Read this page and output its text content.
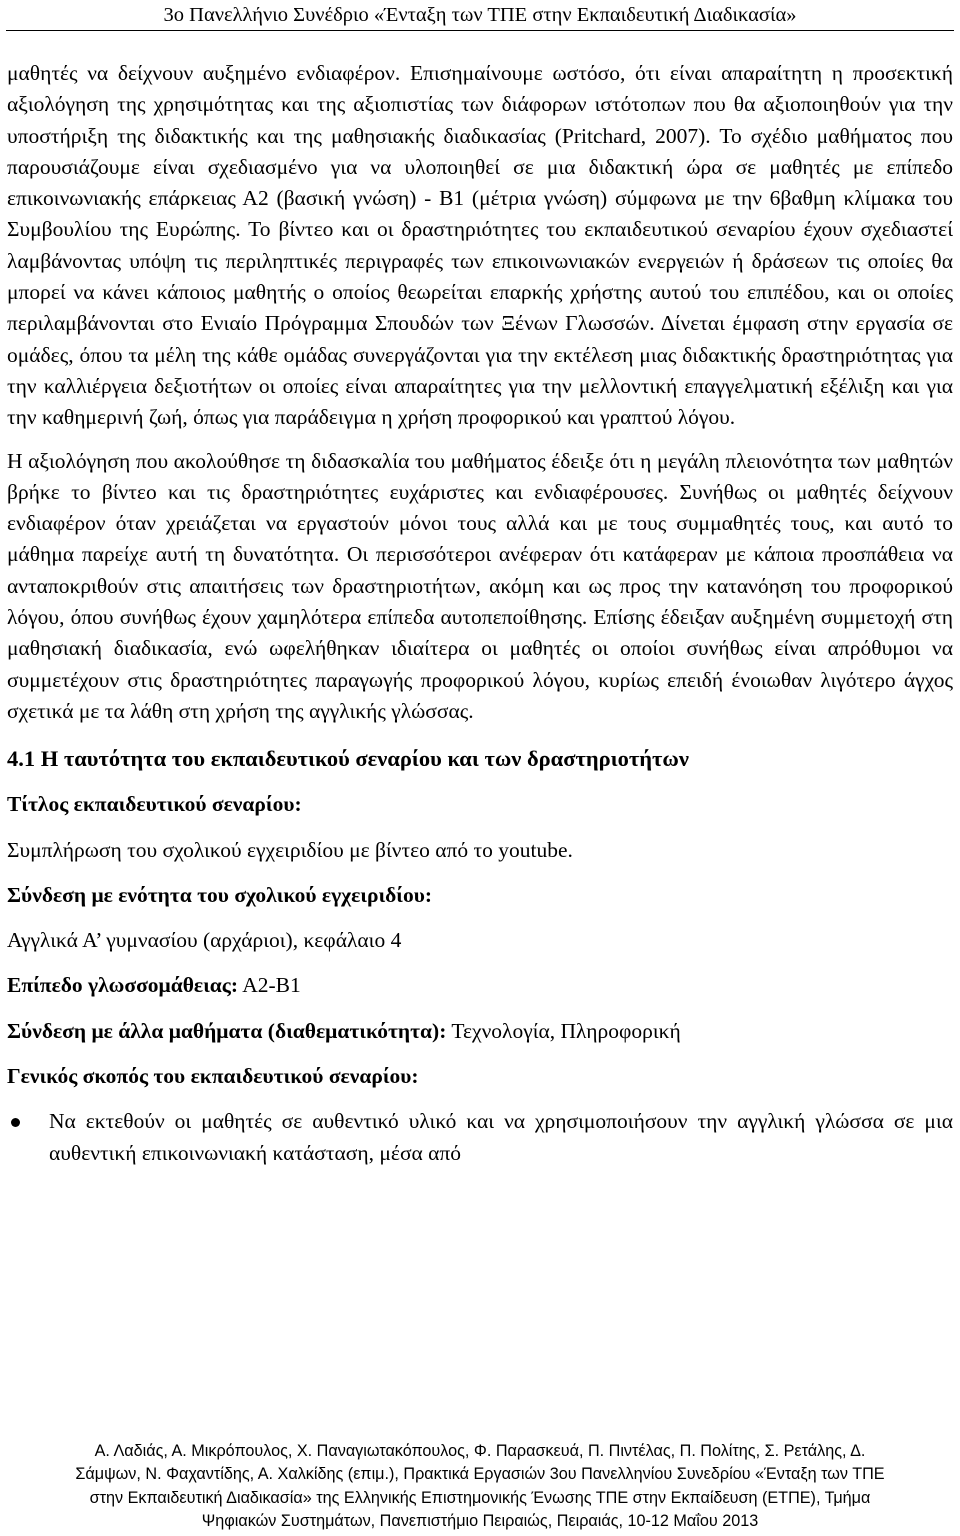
3ο Πανελλήνιο Συνέδριο «Ένταξη των ΤΠΕ στην Εκπαιδευτική Διαδικασία»

μαθητές να δείχνουν αυξημένο ενδιαφέρον. Επισημαίνουμε ωστόσο, ότι είναι απαραίτητη η προσεκτική αξιολόγηση της χρησιμότητας και της αξιοπιστίας των διάφορων ιστότοπων που θα αξιοποιηθούν για την υποστήριξη της διδακτικής και της μαθησιακής διαδικασίας (Pritchard, 2007). Το σχέδιο μαθήματος που παρουσιάζουμε είναι σχεδιασμένο για να υλοποιηθεί σε μια διδακτική ώρα σε μαθητές με επίπεδο επικοινωνιακής επάρκειας Α2 (βασική γνώση) - Β1 (μέτρια γνώση) σύμφωνα με την 6βαθμη κλίμακα του Συμβουλίου της Ευρώπης. Το βίντεο και οι δραστηριότητες του εκπαιδευτικού σεναρίου έχουν σχεδιαστεί λαμβάνοντας υπόψη τις περιληπτικές περιγραφές των επικοινωνιακών ενεργειών ή δράσεων τις οποίες θα μπορεί να κάνει κάποιος μαθητής ο οποίος θεωρείται επαρκής χρήστης αυτού του επιπέδου, και οι οποίες περιλαμβάνονται στο Ενιαίο Πρόγραμμα Σπουδών των Ξένων Γλωσσών. Δίνεται έμφαση στην εργασία σε ομάδες, όπου τα μέλη της κάθε ομάδας συνεργάζονται για την εκτέλεση μιας διδακτικής δραστηριότητας για την καλλιέργεια δεξιοτήτων οι οποίες είναι απαραίτητες για την μελλοντική επαγγελματική εξέλιξη και για την καθημερινή ζωή, όπως για παράδειγμα η χρήση προφορικού και γραπτού λόγου.

Η αξιολόγηση που ακολούθησε τη διδασκαλία του μαθήματος έδειξε ότι η μεγάλη πλειονότητα των μαθητών βρήκε το βίντεο και τις δραστηριότητες ευχάριστες και ενδιαφέρουσες. Συνήθως οι μαθητές δείχνουν ενδιαφέρον όταν χρειάζεται να εργαστούν μόνοι τους αλλά και με τους συμμαθητές τους, και αυτό το μάθημα παρείχε αυτή τη δυνατότητα. Οι περισσότεροι ανέφεραν ότι κατάφεραν με κάποια προσπάθεια να ανταποκριθούν στις απαιτήσεις των δραστηριοτήτων, ακόμη και ως προς την κατανόηση του προφορικού λόγου, όπου συνήθως έχουν χαμηλότερα επίπεδα αυτοπεποίθησης. Επίσης έδειξαν αυξημένη συμμετοχή στη μαθησιακή διαδικασία, ενώ ωφελήθηκαν ιδιαίτερα οι μαθητές οι οποίοι συνήθως είναι απρόθυμοι να συμμετέχουν στις δραστηριότητες παραγωγής προφορικού λόγου, κυρίως επειδή ένοιωθαν λιγότερο άγχος σχετικά με τα λάθη στη χρήση της αγγλικής γλώσσας.

4.1 Η ταυτότητα του εκπαιδευτικού σεναρίου και των δραστηριοτήτων
Τίτλος εκπαιδευτικού σεναρίου:
Συμπλήρωση του σχολικού εγχειριδίου με βίντεο από το youtube.
Σύνδεση με ενότητα του σχολικού εγχειριδίου:
Αγγλικά Α’ γυμνασίου (αρχάριοι), κεφάλαιο 4
Επίπεδο γλωσσομάθειας: Α2-Β1
Σύνδεση με άλλα μαθήματα (διαθεματικότητα): Τεχνολογία, Πληροφορική
Γενικός σκοπός του εκπαιδευτικού σεναρίου:
Να εκτεθούν οι μαθητές σε αυθεντικό υλικό και να χρησιμοποιήσουν την αγγλική γλώσσα σε μια αυθεντική επικοινωνιακή κατάσταση, μέσα από
Α. Λαδιάς, Α. Μικρόπουλος, Χ. Παναγιωτακόπουλος, Φ. Παρασκευά, Π. Πιντέλας, Π. Πολίτης, Σ. Ρετάλης, Δ.
Σάμψων, Ν. Φαχαντίδης, Α. Χαλκίδης (επιμ.), Πρακτικά Εργασιών 3ου Πανελληνίου Συνεδρίου «Ένταξη των ΤΠΕ
στην Εκπαιδευτική Διαδικασία» της Ελληνικής Επιστημονικής Ένωσης ΤΠΕ στην Εκπαίδευση (ΕΤΠΕ), Τμήμα
Ψηφιακών Συστημάτων, Πανεπιστήμιο Πειραιώς, Πειραιάς, 10-12 Μαΐου 2013
